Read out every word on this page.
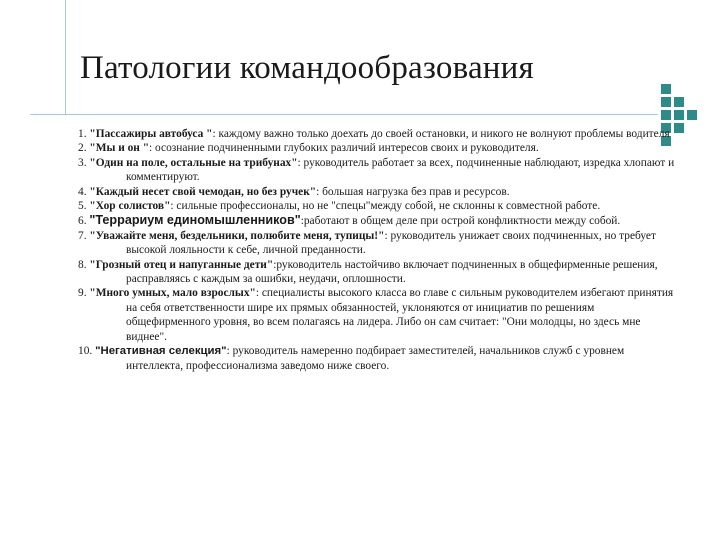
Патологии командообразования
1. "Пассажиры автобуса ": каждому важно только доехать до своей остановки, и никого не волнуют проблемы водителя
2. "Мы и он ": осознание подчиненными глубоких различий интересов своих и руководителя.
3. "Один на поле, остальные на трибунах": руководитель работает за всех, подчиненные наблюдают, изредка хлопают и комментируют.
4. "Каждый несет свой чемодан, но без ручек": большая нагрузка без прав и ресурсов.
5. "Хор солистов": сильные профессионалы, но не "спецы"между собой, не склонны к совместной работе.
6. "Террариум единомышленников":работают в общем деле при острой конфликтности между собой.
7. "Уважайте меня, бездельники, полюбите меня, тупицы!": руководитель унижает своих подчиненных, но требует высокой лояльности к себе, личной преданности.
8. "Грозный отец и напуганные дети":руководитель настойчиво включает подчиненных в общефирменные решения, расправляясь с каждым за ошибки, неудачи, оплошности.
9. "Много умных, мало взрослых": специалисты высокого класса во главе с сильным руководителем избегают принятия на себя ответственности шире их прямых обязанностей, уклоняются от инициатив по решениям общефирменного уровня, во всем полагаясь на лидера. Либо он сам считает: "Они молодцы, но здесь мне виднее".
10. "Негативная селекция": руководитель намеренно подбирает заместителей, начальников служб с уровнем интеллекта, профессионализма заведомо ниже своего.
